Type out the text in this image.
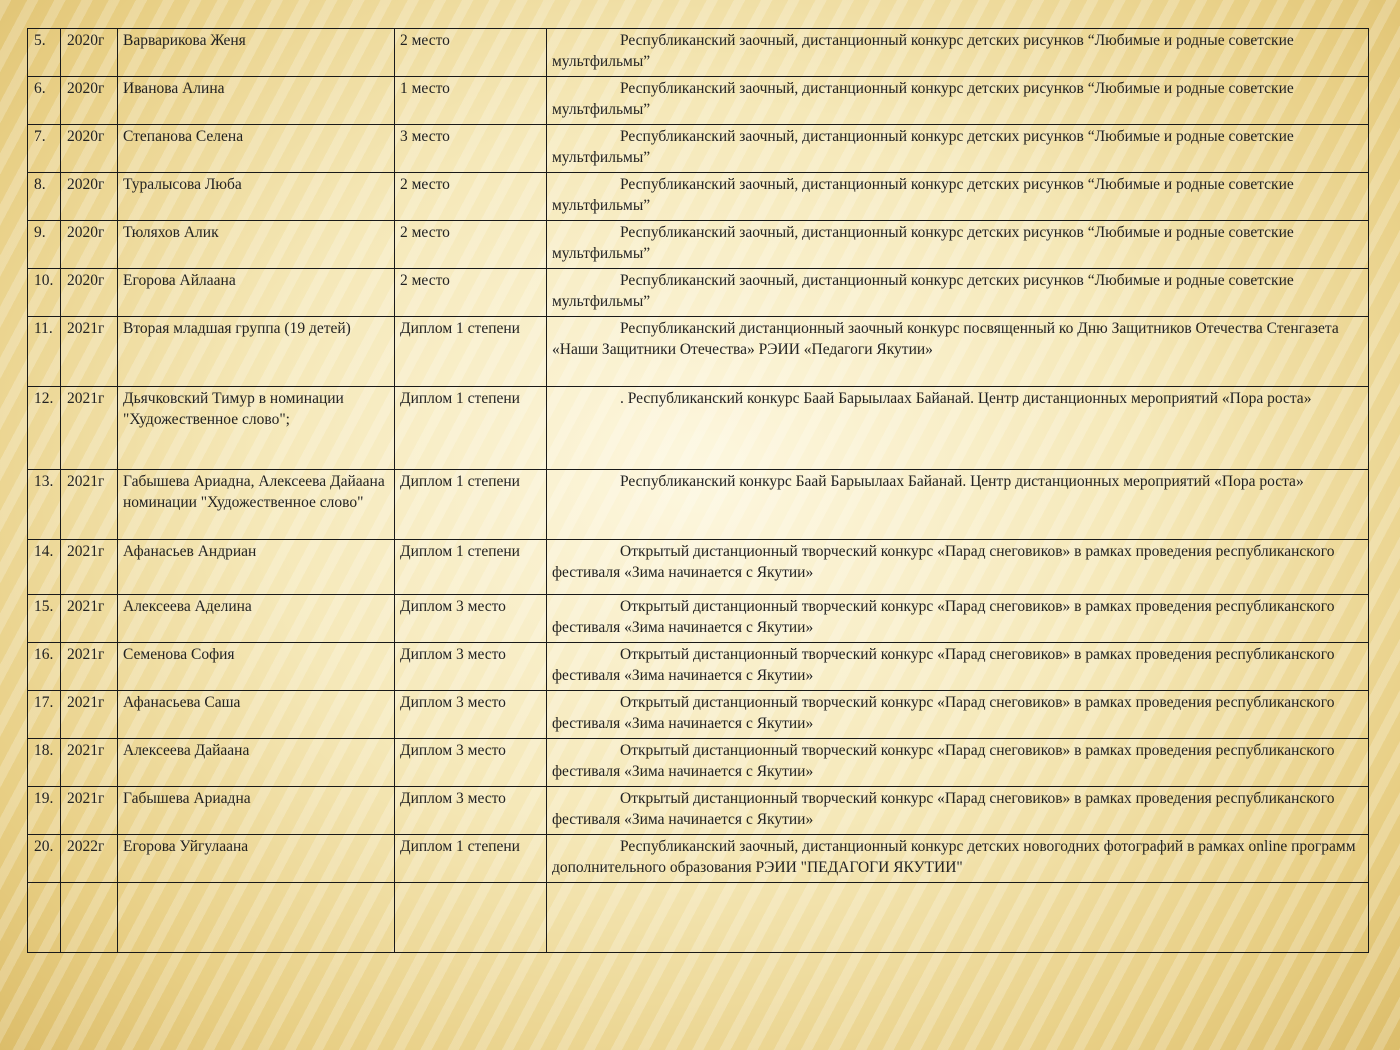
5.	2020г	Варварикова Женя	2 место	Республиканский заочный, дистанционный конкурс детских рисунков “Любимые и родные советские мультфильмы”
6.	2020г	Иванова Алина	1 место	Республиканский заочный, дистанционный конкурс детских рисунков “Любимые и родные советские мультфильмы”
7.	2020г	Степанова Селена	3 место	Республиканский заочный, дистанционный конкурс детских рисунков “Любимые и родные советские мультфильмы”
8.	2020г	Туралысова Люба	2 место	Республиканский заочный, дистанционный конкурс детских рисунков “Любимые и родные советские мультфильмы”
9.	2020г	Тюляхов Алик	2 место	Республиканский заочный, дистанционный конкурс детских рисунков “Любимые и родные советские мультфильмы”
10.	2020г	Егорова Айлаана	2 место	Республиканский заочный, дистанционный конкурс детских рисунков “Любимые и родные советские мультфильмы”
11.	2021г	Вторая младшая группа (19 детей)	Диплом 1 степени	Республиканский дистанционный заочный конкурс посвященный ко Дню Защитников Отечества Стенгазета «Наши Защитники Отечества» РЭИИ «Педагоги Якутии»
12.	2021г	Дьячковский Тимур в номинации "Художественное слово";	Диплом 1 степени	. Республиканский конкурс Баай Барыылаах Байанай. Центр дистанционных мероприятий «Пора роста»
13.	2021г	Габышева Ариадна, Алексеева Дайаана номинации "Художественное слово"	Диплом 1 степени	Республиканский конкурс Баай Барыылаах Байанай. Центр дистанционных мероприятий «Пора роста»
14.	2021г	Афанасьев Андриан	Диплом 1 степени	Открытый дистанционный творческий конкурс «Парад снеговиков» в рамках проведения республиканского фестиваля «Зима начинается с Якутии»
15.	2021г	Алексеева Аделина	Диплом 3 место	Открытый дистанционный творческий конкурс «Парад снеговиков» в рамках проведения республиканского фестиваля «Зима начинается с Якутии»
16.	2021г	Семенова София	Диплом 3 место	Открытый дистанционный творческий конкурс «Парад снеговиков» в рамках проведения республиканского фестиваля «Зима начинается с Якутии»
17.	2021г	Афанасьева Саша	Диплом 3 место	Открытый дистанционный творческий конкурс «Парад снеговиков» в рамках проведения республиканского фестиваля «Зима начинается с Якутии»
18.	2021г	Алексеева Дайаана	Диплом 3 место	Открытый дистанционный творческий конкурс «Парад снеговиков» в рамках проведения республиканского фестиваля «Зима начинается с Якутии»
19.	2021г	Габышева Ариадна	Диплом 3 место	Открытый дистанционный творческий конкурс «Парад снеговиков» в рамках проведения республиканского фестиваля «Зима начинается с Якутии»
20.	2022г	Егорова Уйгулаана	Диплом 1 степени	Республиканский заочный, дистанционный конкурс детских новогодних фотографий в рамках online программ дополнительного образования РЭИИ "ПЕДАГОГИ ЯКУТИИ"
